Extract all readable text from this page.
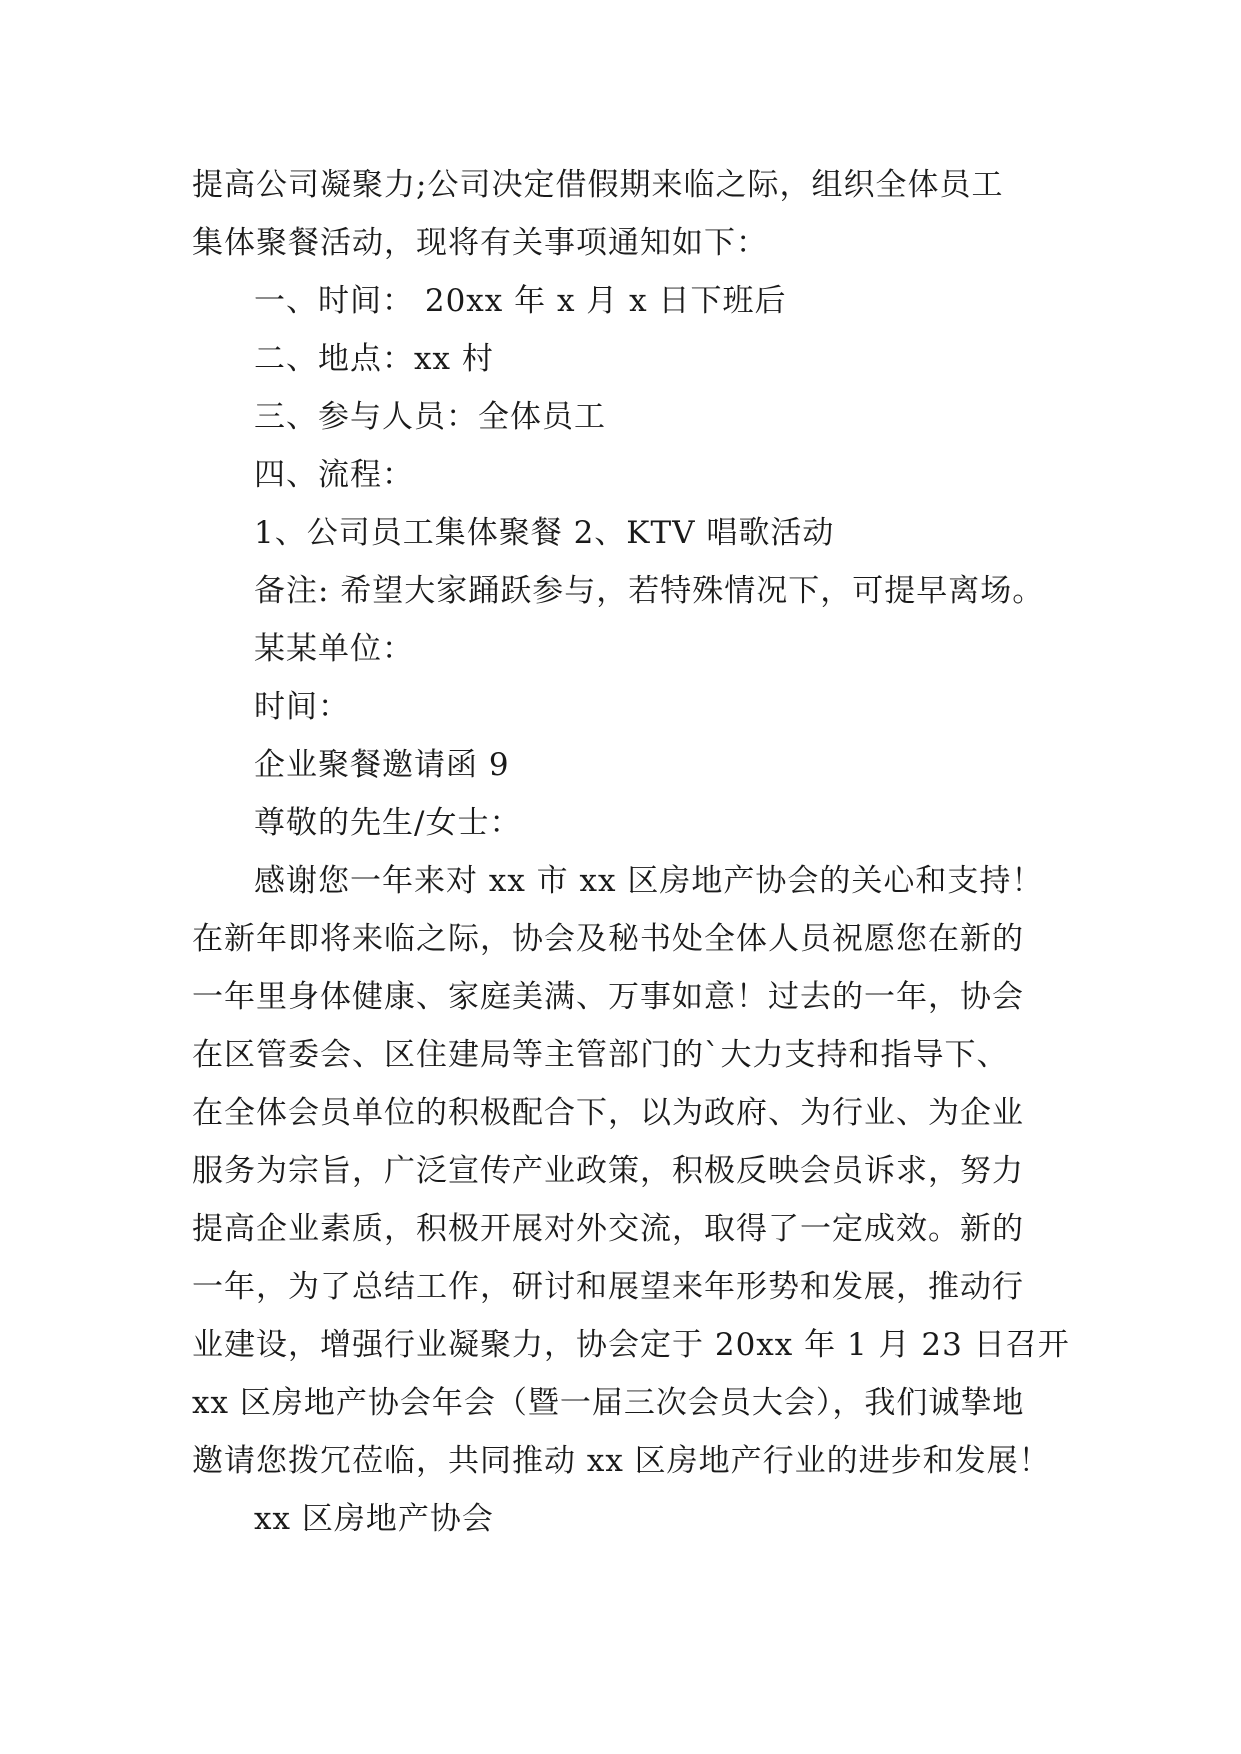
提高公司凝聚力;公司决定借假期来临之际，组织全体员工
集体聚餐活动，现将有关事项通知如下：
一、时间： 20xx 年 x 月 x 日下班后
二、地点：xx 村
三、参与人员：全体员工
四、流程：
1、公司员工集体聚餐 2、KTV 唱歌活动
备注: 希望大家踊跃参与，若特殊情况下，可提早离场。
某某单位：
时间：
企业聚餐邀请函 9
尊敬的先生/女士：
感谢您一年来对 xx 市 xx 区房地产协会的关心和支持！
在新年即将来临之际，协会及秘书处全体人员祝愿您在新的
一年里身体健康、家庭美满、万事如意！过去的一年，协会
在区管委会、区住建局等主管部门的`大力支持和指导下、
在全体会员单位的积极配合下，以为政府、为行业、为企业
服务为宗旨，广泛宣传产业政策，积极反映会员诉求，努力
提高企业素质，积极开展对外交流，取得了一定成效。新的
一年，为了总结工作，研讨和展望来年形势和发展，推动行
业建设，增强行业凝聚力，协会定于 20xx 年 1 月 23 日召开
xx 区房地产协会年会（暨一届三次会员大会），我们诚挚地
邀请您拨冗莅临，共同推动 xx 区房地产行业的进步和发展！
xx 区房地产协会
